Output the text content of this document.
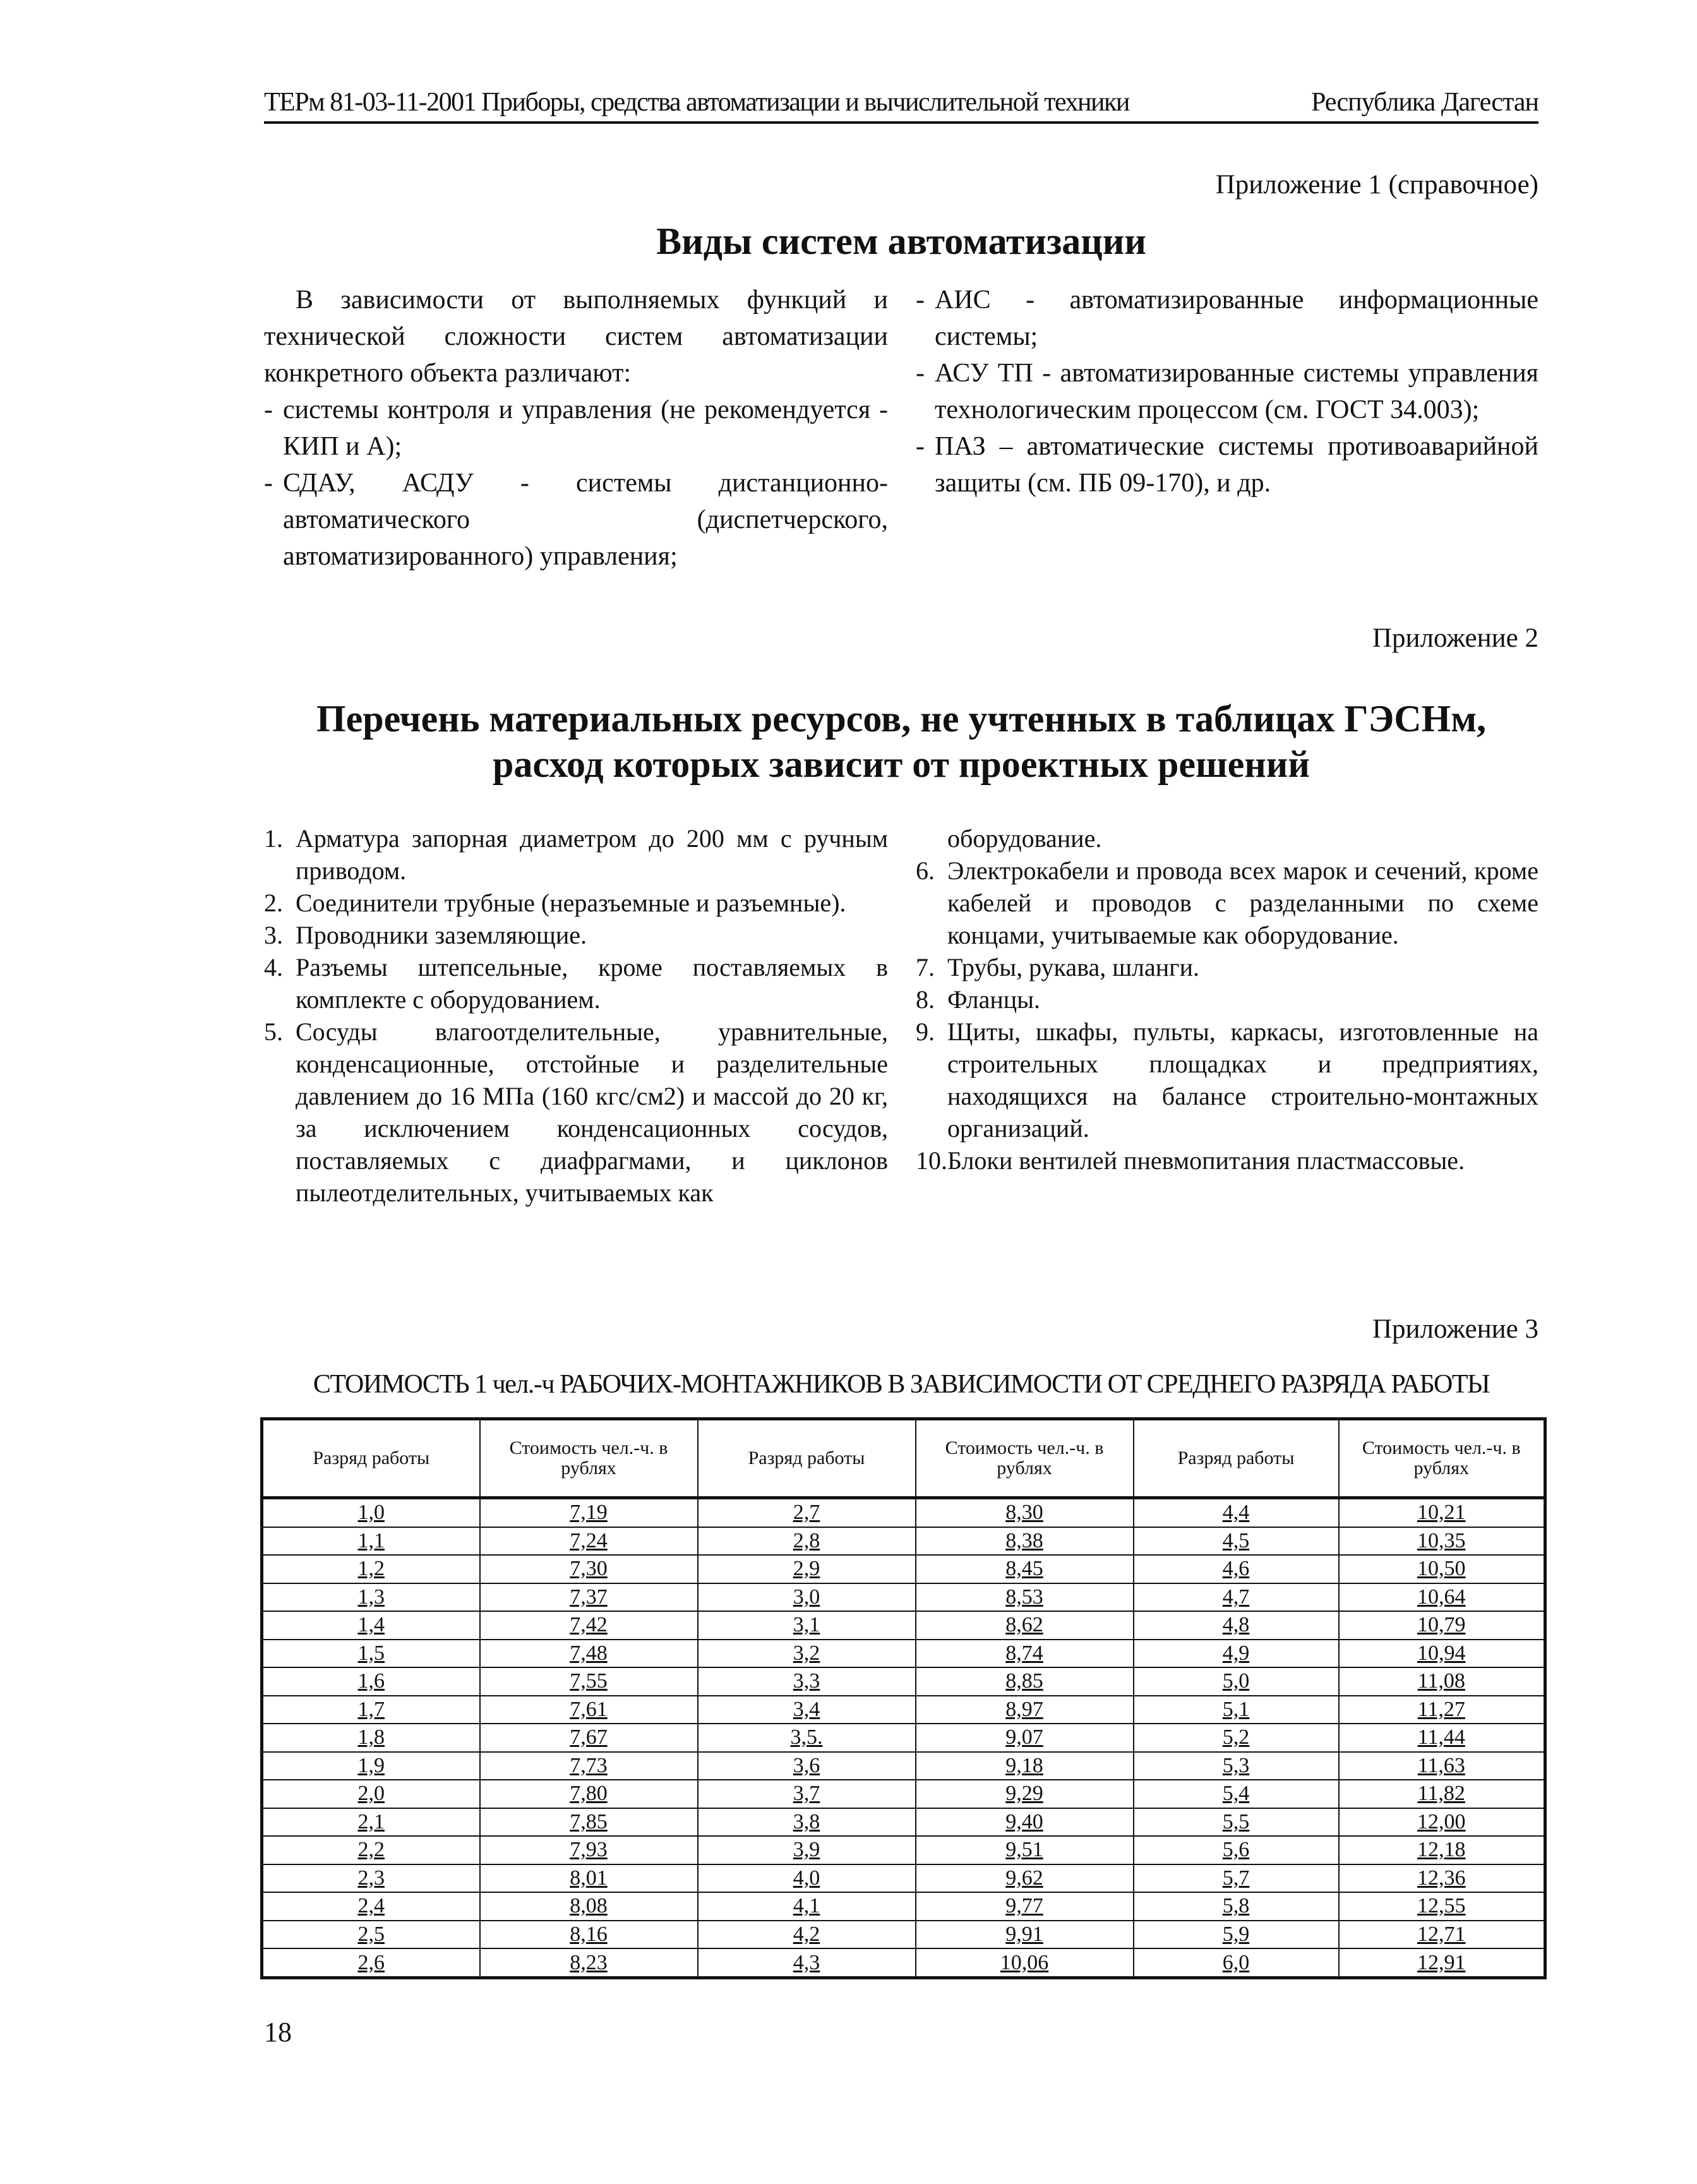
ТЕРм 81-03-11-2001 Приборы, средства автоматизации и вычислительной техники	Республика Дагестан
Приложение 1 (справочное)
Виды систем автоматизации

В зависимости от выполняемых функций и технической сложности систем автоматизации конкретного объекта различают:

- системы контроля и управления (не рекомендуется - КИП и А);
- СДАУ, АСДУ - системы дистанционно-автоматического (диспетчерского, автоматизированного) управления;
- АИС - автоматизированные информационные системы;
- АСУ ТП - автоматизированные системы управления технологическим процессом (см. ГОСТ 34.003);
- ПАЗ – автоматические системы противоаварийной защиты (см. ПБ 09-170), и др.
Приложение 2
Перечень материальных ресурсов, не учтенных в таблицах ГЭСНм,
расход которых зависит от проектных решений
1. Арматура запорная диаметром до 200 мм с ручным приводом.
2. Соединители трубные (неразъемные и разъемные).
3. Проводники заземляющие.
4. Разъемы штепсельные, кроме поставляемых в комплекте с оборудованием.
5. Сосуды влагоотделительные, уравнительные, конденсационные, отстойные и разделительные давлением до 16 МПа (160 кгс/см2) и массой до 20 кг, за исключением конденсационных сосудов, поставляемых с диафрагмами, и циклонов пылеотделительных, учитываемых как
оборудование.
6. Электрокабели и провода всех марок и сечений, кроме кабелей и проводов с разделанными по схеме концами, учитываемые как оборудование.
7. Трубы, рукава, шланги.
8. Фланцы.
9. Щиты, шкафы, пульты, каркасы, изготовленные на строительных площадках и предприятиях, находящихся на балансе строительно-монтажных организаций.
10. Блоки вентилей пневмопитания пластмассовые.
Приложение 3
СТОИМОСТЬ 1 чел.-ч РАБОЧИХ-МОНТАЖНИКОВ В ЗАВИСИМОСТИ ОТ СРЕДНЕГО РАЗРЯДА РАБОТЫ
Разряд работы	Стоимость чел.-ч. в рублях	Разряд работы	Стоимость чел.-ч. в рублях	Разряд работы	Стоимость чел.-ч. в рублях
1,0	7,19	2,7	8,30	4,4	10,21
1,1	7,24	2,8	8,38	4,5	10,35
1,2	7,30	2,9	8,45	4,6	10,50
1,3	7,37	3,0	8,53	4,7	10,64
1,4	7,42	3,1	8,62	4,8	10,79
1,5	7,48	3,2	8,74	4,9	10,94
1,6	7,55	3,3	8,85	5,0	11,08
1,7	7,61	3,4	8,97	5,1	11,27
1,8	7,67	3,5.	9,07	5,2	11,44
1,9	7,73	3,6	9,18	5,3	11,63
2,0	7,80	3,7	9,29	5,4	11,82
2,1	7,85	3,8	9,40	5,5	12,00
2,2	7,93	3,9	9,51	5,6	12,18
2,3	8,01	4,0	9,62	5,7	12,36
2,4	8,08	4,1	9,77	5,8	12,55
2,5	8,16	4,2	9,91	5,9	12,71
2,6	8,23	4,3	10,06	6,0	12,91
18
